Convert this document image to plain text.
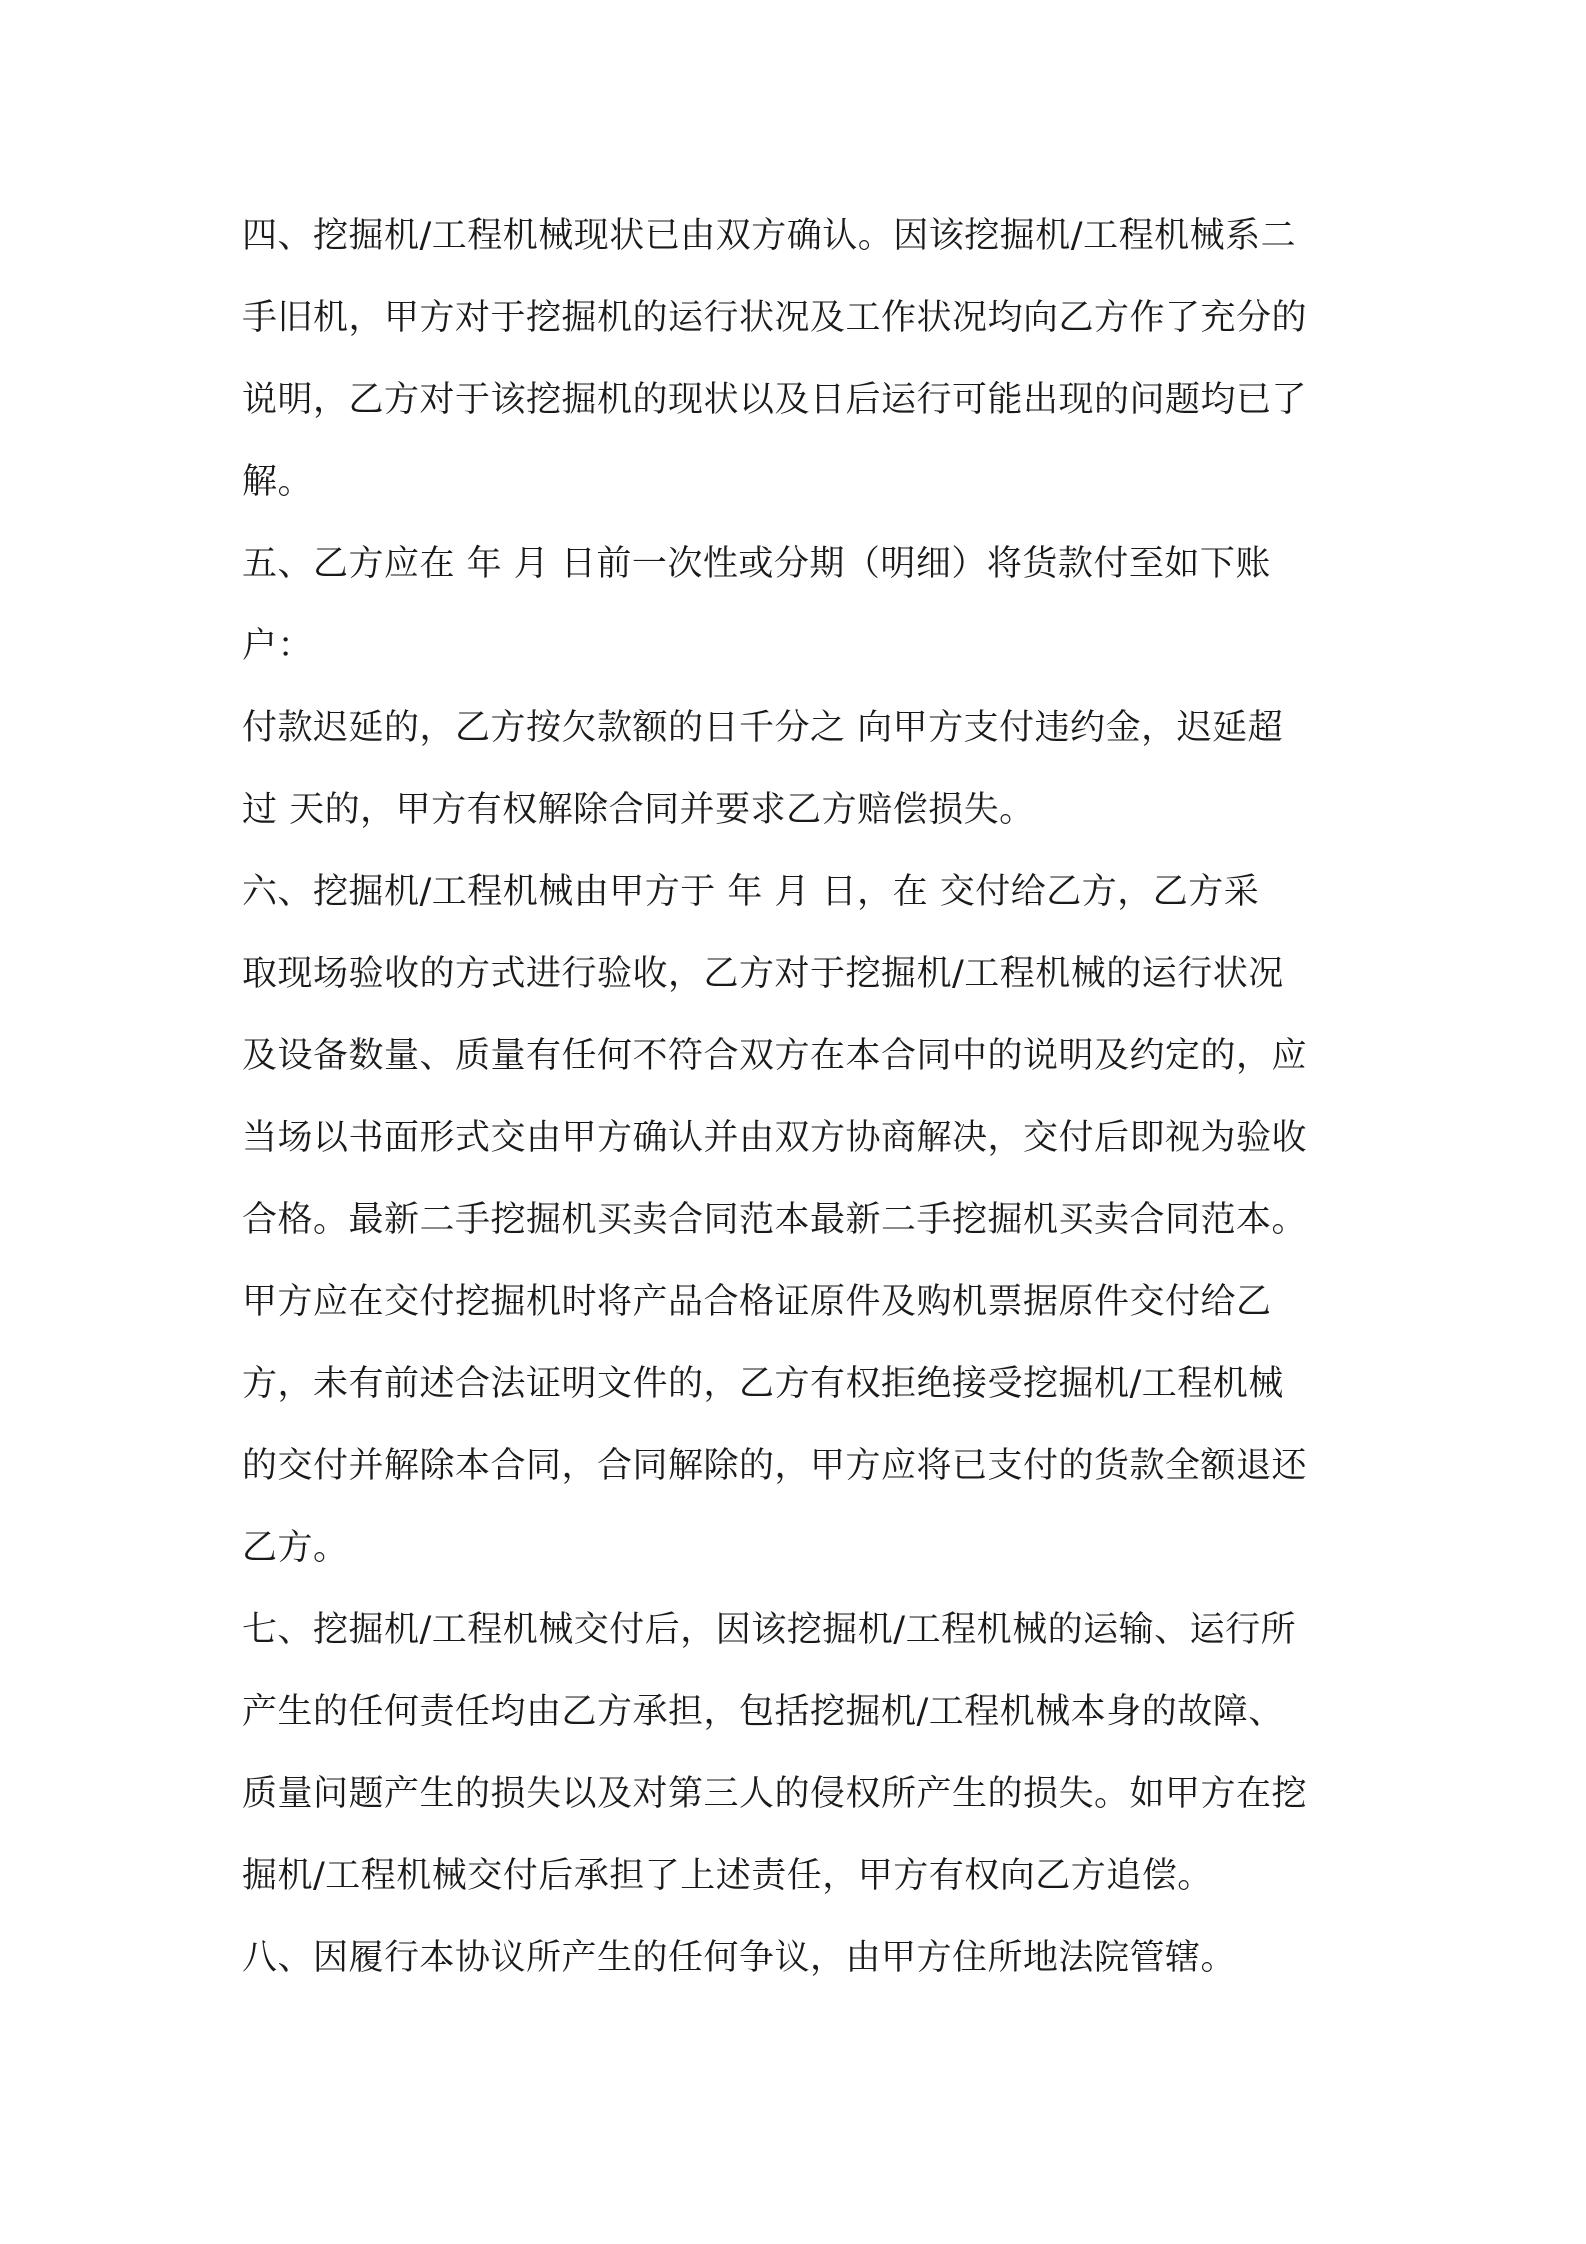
四、挖掘机/工程机械现状已由双方确认。因该挖掘机/工程机械系二
手旧机，甲方对于挖掘机的运行状况及工作状况均向乙方作了充分的
说明，乙方对于该挖掘机的现状以及日后运行可能出现的问题均已了
解。
五、乙方应在 年 月 日前一次性或分期（明细）将货款付至如下账
户：
付款迟延的，乙方按欠款额的日千分之 向甲方支付违约金，迟延超
过 天的，甲方有权解除合同并要求乙方赔偿损失。
六、挖掘机/工程机械由甲方于 年 月 日，在 交付给乙方，乙方采
取现场验收的方式进行验收，乙方对于挖掘机/工程机械的运行状况
及设备数量、质量有任何不符合双方在本合同中的说明及约定的，应
当场以书面形式交由甲方确认并由双方协商解决，交付后即视为验收
合格。最新二手挖掘机买卖合同范本最新二手挖掘机买卖合同范本。
甲方应在交付挖掘机时将产品合格证原件及购机票据原件交付给乙
方，未有前述合法证明文件的，乙方有权拒绝接受挖掘机/工程机械
的交付并解除本合同，合同解除的，甲方应将已支付的货款全额退还
乙方。
七、挖掘机/工程机械交付后，因该挖掘机/工程机械的运输、运行所
产生的任何责任均由乙方承担，包括挖掘机/工程机械本身的故障、
质量问题产生的损失以及对第三人的侵权所产生的损失。如甲方在挖
掘机/工程机械交付后承担了上述责任，甲方有权向乙方追偿。
八、因履行本协议所产生的任何争议，由甲方住所地法院管辖。
